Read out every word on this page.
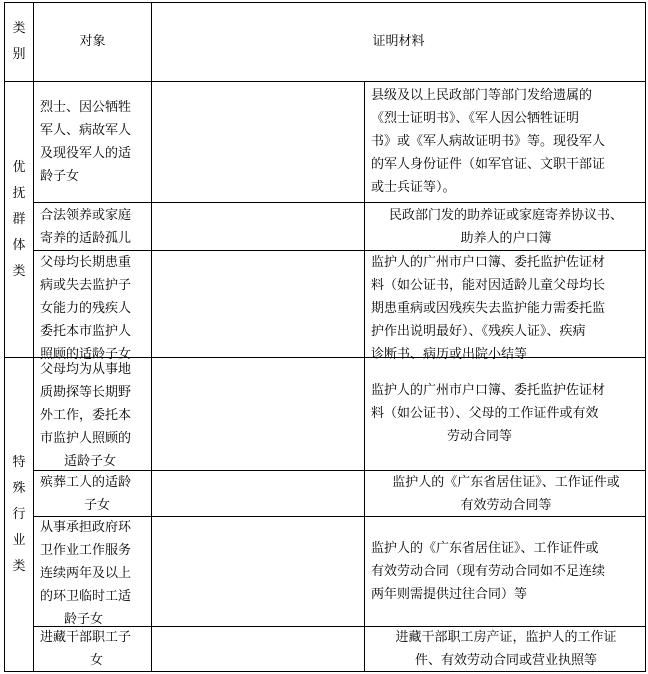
类
别
对象	证明材料
优
抚
群
体
类
特
殊
行
业
类
烈士、因公牺牲
军人、病故军人
及现役军人的适
龄子女
县级及以上民政部门等部门发给遗属的
《烈士证明书》、《军人因公牺牲证明
书》或《军人病故证明书》等。现役军人
的军人身份证件（如军官证、文职干部证
或士兵证等）。
合法领养或家庭
寄养的适龄孤儿
民政部门发的助养证或家庭寄养协议书、
助养人的户口簿
父母均长期患重
病或失去监护子
女能力的残疾人
委托本市监护人
照顾的适龄子女
监护人的广州市户口簿、委托监护佐证材
料（如公证书，能对因适龄儿童父母均长
期患重病或因残疾失去监护能力需委托监
护作出说明最好）、《残疾人证》、疾病
诊断书、病历或出院小结等
父母均为从事地
质勘探等长期野
外工作，委托本
市监护人照顾的
适龄子女
监护人的广州市户口簿、委托监护佐证材
料（如公证书）、父母的工作证件或有效
劳动合同等
殡葬工人的适龄
子女
监护人的《广东省居住证》、工作证件或
有效劳动合同等
从事承担政府环
卫作业工作服务
连续两年及以上
的环卫临时工适
龄子女
监护人的《广东省居住证》、工作证件或
有效劳动合同（现有劳动合同如不足连续
两年则需提供过往合同）等
进藏干部职工子
女
进藏干部职工房产证，监护人的工作证
件、有效劳动合同或营业执照等
